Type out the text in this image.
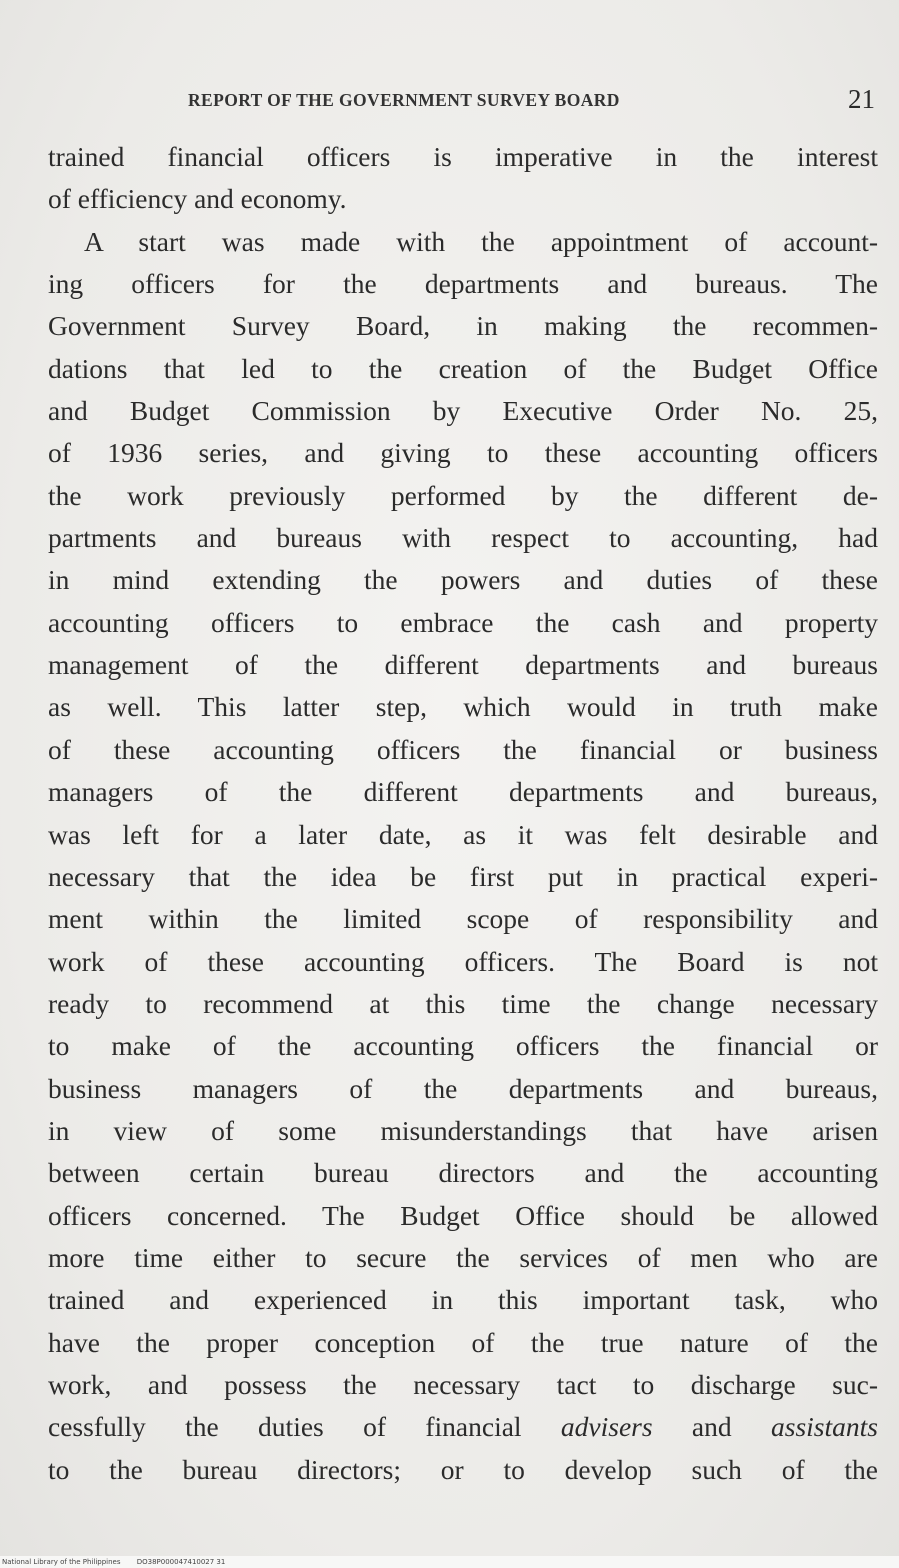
REPORT OF THE GOVERNMENT SURVEY BOARD	21
trained financial officers is imperative in the interest
of efficiency and economy.
A start was made with the appointment of account-
ing officers for the departments and bureaus. The
Government Survey Board, in making the recommen-
dations that led to the creation of the Budget Office
and Budget Commission by Executive Order No. 25,
of 1936 series, and giving to these accounting officers
the work previously performed by the different de-
partments and bureaus with respect to accounting, had
in mind extending the powers and duties of these
accounting officers to embrace the cash and property
management of the different departments and bureaus
as well. This latter step, which would in truth make
of these accounting officers the financial or business
managers of the different departments and bureaus,
was left for a later date, as it was felt desirable and
necessary that the idea be first put in practical experi-
ment within the limited scope of responsibility and
work of these accounting officers. The Board is not
ready to recommend at this time the change necessary
to make of the accounting officers the financial or
business managers of the departments and bureaus,
in view of some misunderstandings that have arisen
between certain bureau directors and the accounting
officers concerned. The Budget Office should be allowed
more time either to secure the services of men who are
trained and experienced in this important task, who
have the proper conception of the true nature of the
work, and possess the necessary tact to discharge suc-
cessfully the duties of financial advisers and assistants
to the bureau directors; or to develop such of the
National Library of the Philippines DO38P000047410027 31
